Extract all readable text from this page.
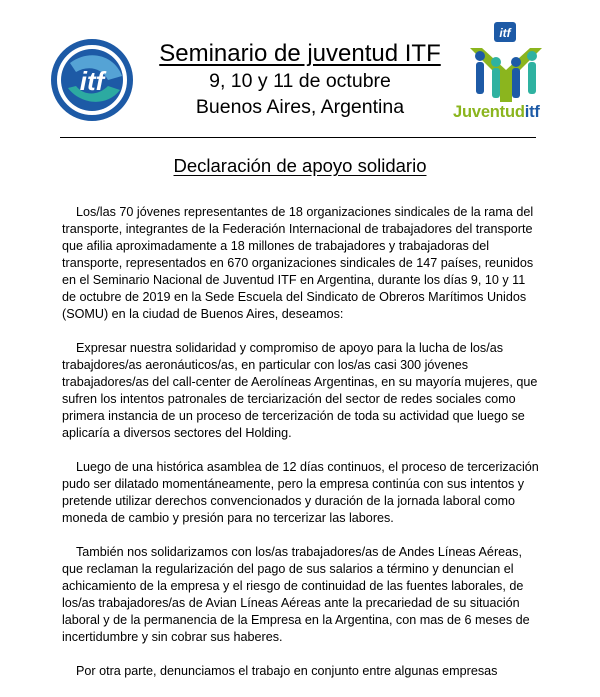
itf
Seminario de juventud ITF
9, 10 y 11 de octubre
Buenos Aires, Argentina
itf
Juventuditf
Declaración de apoyo solidario

Los/las 70 jóvenes representantes de 18 organizaciones sindicales de la rama del transporte, integrantes de la Federación Internacional de trabajadores del transporte que afilia aproximadamente a 18 millones de trabajadores y trabajadoras del transporte, representados en 670 organizaciones sindicales de 147 países, reunidos en el Seminario Nacional de Juventud ITF en Argentina, durante los días 9, 10 y 11 de octubre de 2019 en la Sede Escuela del Sindicato de Obreros Marítimos Unidos (SOMU) en la ciudad de Buenos Aires, deseamos:

Expresar nuestra solidaridad y compromiso de apoyo para la lucha de los/as trabajdores/as aeronáuticos/as, en particular con los/as casi 300 jóvenes trabajadores/as del call-center de Aerolíneas Argentinas, en su mayoría mujeres, que sufren los intentos patronales de terciarización del sector de redes sociales como primera instancia de un proceso de tercerización de toda su actividad que luego se aplicaría a diversos sectores del Holding.

Luego de una histórica asamblea de 12 días continuos, el proceso de tercerización pudo ser dilatado momentáneamente, pero la empresa continúa con sus intentos y pretende utilizar derechos convencionados y duración de la jornada laboral como moneda de cambio y presión para no tercerizar las labores.

También nos solidarizamos con los/as trabajadores/as de Andes Líneas Aéreas, que reclaman la regularización del pago de sus salarios a término y denuncian el achicamiento de la empresa y el riesgo de continuidad de las fuentes laborales, de los/as trabajadores/as de Avian Líneas Aéreas ante la precariedad de su situación laboral y de la permanencia de la Empresa en la Argentina, con mas de 6 meses de incertidumbre y sin cobrar sus haberes.

Por otra parte, denunciamos el trabajo en conjunto entre algunas empresas
